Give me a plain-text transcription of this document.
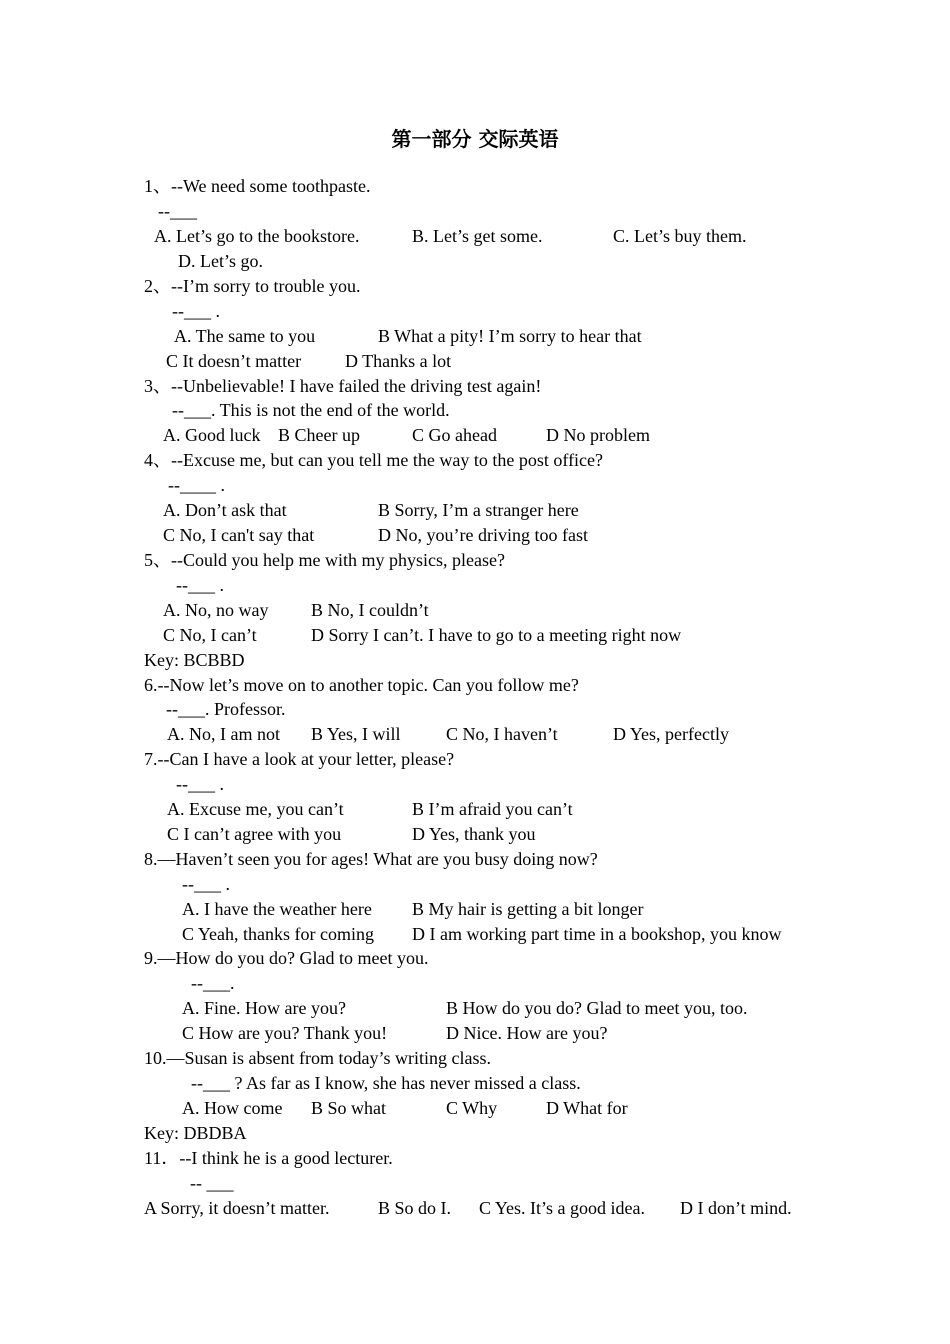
第一部分 交际英语
1、--We need some toothpaste.
--___
A. Let’s go to the bookstore.	B. Let’s get some.	C. Let’s buy them.
D. Let’s go.
2、--I’m sorry to trouble you.
--___ .
A. The same to you	B What a pity! I’m sorry to hear that
C It doesn’t matter D Thanks a lot
3、--Unbelievable! I have failed the driving test again!
--___. This is not the end of the world.
A. Good luck B Cheer up	C Go ahead	D No problem
4、--Excuse me, but can you tell me the way to the post office?
--____ .
A. Don’t ask that	B Sorry, I’m a stranger here
C No, I can't say that	D No, you’re driving too fast
5、--Could you help me with my physics, please?
--___ .
A. No, no way B No, I couldn’t
C No, I can’t	D Sorry I can’t. I have to go to a meeting right now
Key: BCBBD
6.--Now let’s move on to another topic. Can you follow me?
--___. Professor.
A. No, I am not B Yes, I will	C No, I haven’t	D Yes, perfectly
7.--Can I have a look at your letter, please?
--___ .
A. Excuse me, you can’t	B I’m afraid you can’t
C I can’t agree with you	D Yes, thank you
8.—Haven’t seen you for ages! What are you busy doing now?
--___ .
A. I have the weather here B My hair is getting a bit longer
C Yeah, thanks for coming D I am working part time in a bookshop, you know
9.—How do you do? Glad to meet you.
--___.
A. Fine. How are you?	B How do you do? Glad to meet you, too.
C How are you? Thank you!	D Nice. How are you?
10.—Susan is absent from today’s writing class.
--___ ? As far as I know, she has never missed a class.
A. How come B So what	C Why	D What for
Key: DBDBA
11．--I think he is a good lecturer.
-- ___
A Sorry, it doesn’t matter.	B So do I. C Yes. It’s a good idea. D I don’t mind.
